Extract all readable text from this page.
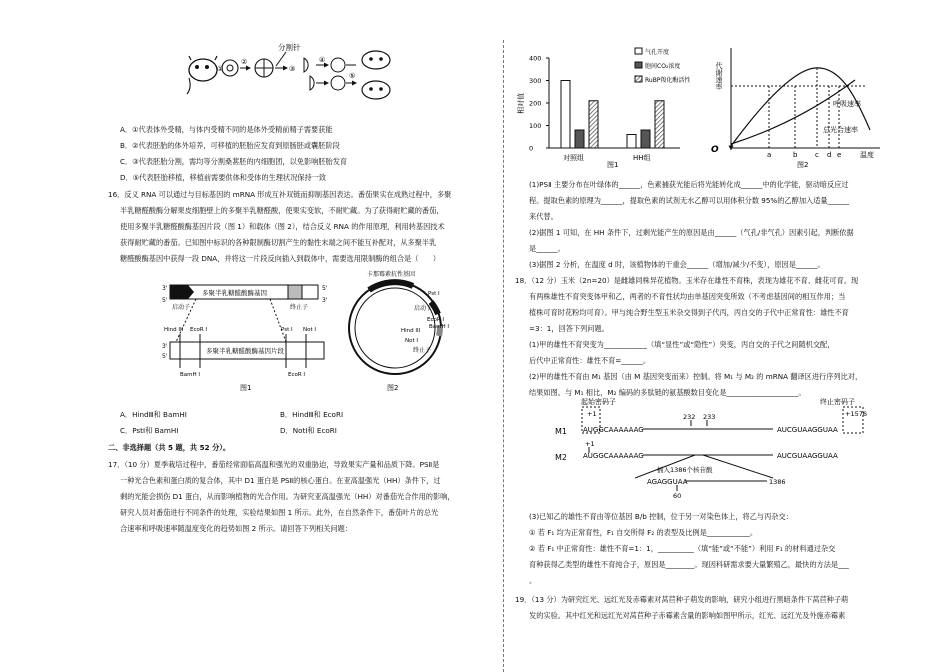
①
②
分割针
③
④
⑤
A．①代表体外受精，与体内受精不同的是体外受精前精子需要获能
B．②代表胚胎的体外培养，可移植的胚胎应发育到原肠胚或囊胚阶段
C．③代表胚胎分割，需均等分割桑葚胚的内细胞团，以免影响胚胎发育
D．⑤代表胚胎移植，移植前需要供体和受体的生理状况保持一致
16．反义 RNA 可以通过与目标基因的 mRNA 形成互补双链而抑制基因表达。番茄果实在成熟过程中，多聚
半乳糖醛酸酶分解果皮细胞壁上的多聚半乳糖醛酸，使果实变软，不耐贮藏。为了获得耐贮藏的番茄，
使用多聚半乳糖醛酸酶基因片段（图 1）和载体（图 2），结合反义 RNA 的作用原理，利用转基因技术
获得耐贮藏的番茄。已知图中标识的各种限制酶切割产生的黏性末端之间不能互补配对，从多聚半乳
糖醛酸酶基因中获得一段 DNA，并将这一片段反向插入到载体中，需要选用限制酶的组合是（　　）
3'
5'
多聚半乳糖醛酸酶基因
5'
3'
启动子	终止子
Hind III EcoR I	Pst I Not I
3'
5'
多聚半乳糖醛酸酶基因片段
BamH I	EcoR I
图1
卡那霉素抗性基因
启动子
Pst I
EcoR I
BamH I
Hind III
Not I
终止子
图2
A．HindⅢ和 BamHⅠ	B．HindⅢ和 EcoRⅠ
C．PstⅠ和 BamHⅠ	D．NotⅠ和 EcoRⅠ
二、非选择题（共 5 题，共 52 分）。
17．（10 分）夏季栽培过程中，番茄经常面临高温和强光的双重胁迫，导致果实产量和品质下降。PSⅡ是
一种光合色素和蛋白质的复合体，其中 D1 蛋白是 PSⅡ的核心蛋白。在亚高温强光（HH）条件下，过
剩的光能会损伤 D1 蛋白，从而影响植物的光合作用。为研究亚高温强光（HH）对番茄光合作用的影响，
研究人员对番茄进行不同条件的处理，实验结果如图 1 所示。此外，在自然条件下，番茄叶片的总光
合速率和呼吸速率随温度变化的趋势如图 2 所示。请回答下列相关问题：
相对值
0
100
200
300
400
对照组	HH组
气孔开度
胞间CO₂浓度
RuBP羧化酶活性
图1
代谢速率
O	a	b	c d e	温度
呼吸速率
总光合速率
图2
(1)PSⅡ 主要分布在叶绿体的______，色素捕获光能后将光能转化成______中的化学能，驱动暗反应过
程。提取色素的原理为______，提取色素的试剂无水乙醇可以用体积分数 95%的乙醇加入适量______
来代替。
(2)据图 1 可知，在 HH 条件下，过剩光能产生的原因是由______（气孔/非气孔）因素引起，判断依据
是______。
(3)据图 2 分析，在温度 d 时，该植物体的干重会______（增加/减少/不变），原因是______。
18．（12 分）玉米（2n=20）是雌雄同株异花植物。玉米存在雄性不育株，表现为雄花不育、雌花可育。现
有两株雄性不育突变体甲和乙，两者的不育性状均由单基因突变所致（不考虑基因间的相互作用；当
植株可育时花粉均可育）。甲与纯合野生型玉米杂交得到子代丙，丙自交的子代中正常育性：雄性不育
=3：1，回答下列问题。
(1)甲的雄性不育突变为____________（填“显性”或“隐性”）突变，丙自交的子代之间随机交配，
后代中正常育性：雄性不育=______。
(2)甲的雄性不育由 M₁ 基因（由 M 基因突变而来）控制。将 M₁ 与 M₂ 的 mRNA 翻译区进行序列比对，
结果如图。与 M₁ 相比，M₂ 编码的多肽链的氨基酸数目变化是____________________。
起始密码子	终止密码子
+1	232 233	+1576
M1 AUGGCAAAAAAG	AUCGUAAGGUAA
+1
M2 AUGGCAAAAAAG	AUCGUAAGGUAA
插入1386个核苷酸
AGAGGUAA	1386
60
(3)已知乙的雄性不育由等位基因 B/b 控制，位于另一对染色体上，将乙与丙杂交：
① 若 F₁ 均为正常育性，F₁ 自交所得 F₂ 的表型及比例是____________。
② 若 F₁ 中正常育性：雄性不育=1：1，__________（填“能”或“不能”）利用 F₁ 的材料通过杂交
育种获得乙类型的雄性不育纯合子，原因是________。现因科研需求要大量繁殖乙，最快的方法是___
。
19．（13 分）为研究红光、远红光及赤霉素对莴苣种子萌发的影响，研究小组进行黑暗条件下莴苣种子萌
发的实验。其中红光和远红光对莴苣种子赤霉素含量的影响如图甲所示，红光、远红光及外施赤霉素
